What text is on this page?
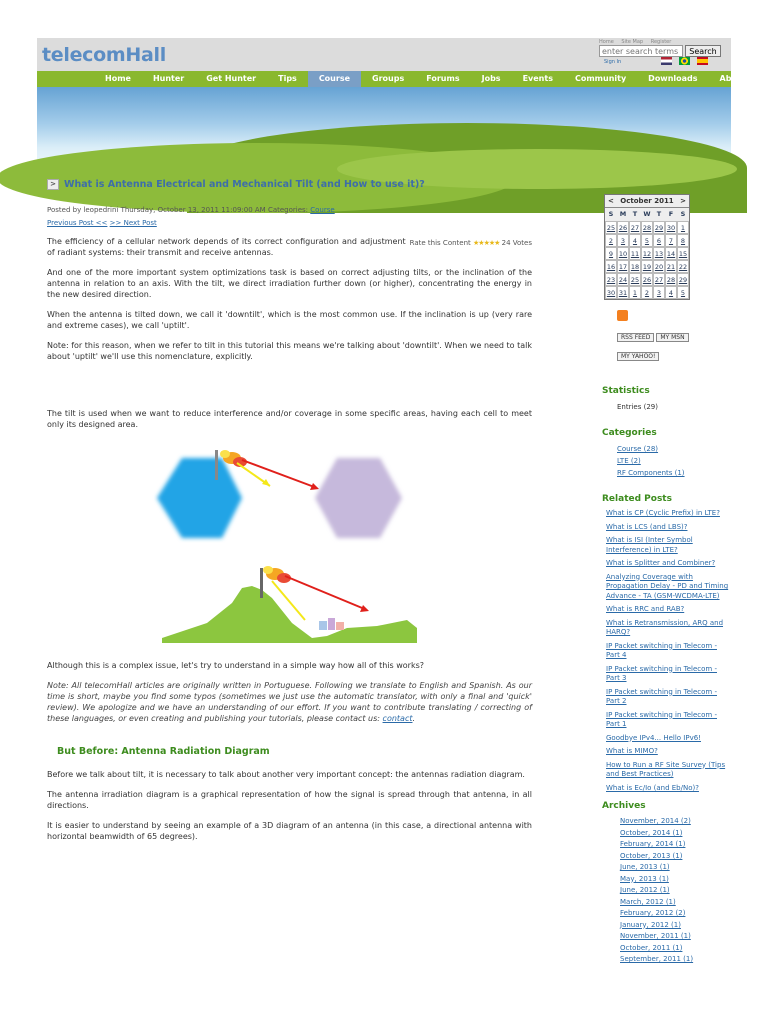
telecomHall
Home Site Map Register
enter search terms
Search
Sign In

Home	Hunter	Get Hunter	Tips	Course	Groups	Forums	Jobs	Events	Community	Downloads	About
> What is Antenna Electrical and Mechanical Tilt (and How to use it)?
Posted by leopedrini Thursday, October 13, 2011 11:09:00 AM Categories: Course
Previous Post << >> Next Post
Rate this Content ★★★★★ 24 Votes
The efficiency of a cellular network depends of its correct configuration and adjustment of radiant systems: their transmit and receive antennas.
And one of the more important system optimizations task is based on correct adjusting tilts, or the inclination of the antenna in relation to an axis. With the tilt, we direct irradiation further down (or higher), concentrating the energy in the new desired direction.
When the antenna is tilted down, we call it 'downtilt', which is the most common use. If the inclination is up (very rare and extreme cases), we call 'uptilt'.
Note: for this reason, when we refer to tilt in this tutorial this means we're talking about 'downtilt'. When we need to talk about 'uptilt' we'll use this nomenclature, explicitly.
The tilt is used when we want to reduce interference and/or coverage in some specific areas, having each cell to meet only its designed area.
Although this is a complex issue, let's try to understand in a simple way how all of this works?
Note: All telecomHall articles are originally written in Portuguese. Following we translate to English and Spanish. As our time is short, maybe you find some typos (sometimes we just use the automatic translator, with only a final and 'quick' review). We apologize and we have an understanding of our effort. If you want to contribute translating / correcting of these languages, or even creating and publishing your tutorials, please contact us: contact.
But Before: Antenna Radiation Diagram
Before we talk about tilt, it is necessary to talk about another very important concept: the antennas radiation diagram.
The antenna irradiation diagram is a graphical representation of how the signal is spread through that antenna, in all directions.
It is easier to understand by seeing an example of a 3D diagram of an antenna (in this case, a directional antenna with horizontal beamwidth of 65 degrees).
< October 2011 >
S M	T W T	F	S
25 26 27 28 29 30 1
2	3	4	5	6	7	8
9 10 11 12 13 14 15
16 17 18 19 20 21 22
23 24 25 26 27 28 29
30 31 1	2	3	4	5
RSS FEED MY MSNMY YAHOO!
Statistics
Entries (29)
Categories
Course (28)
LTE (2)
RF Components (1)
Related Posts
What is CP (Cyclic Prefix) in LTE?
What is LCS (and LBS)?
What is ISI (Inter Symbol Interference) in LTE?
What is Splitter and Combiner?
Analyzing Coverage with Propagation Delay - PD and Timing Advance - TA (GSM-WCDMA-LTE)
What is RRC and RAB?
What is Retransmission, ARQ and HARQ?
IP Packet switching in Telecom - Part 4
IP Packet switching in Telecom - Part 3
IP Packet switching in Telecom - Part 2
IP Packet switching in Telecom - Part 1
Goodbye IPv4... Hello IPv6!
What is MIMO?
How to Run a RF Site Survey (Tips and Best Practices)
What is Ec/Io (and Eb/No)?
Archives
November, 2014 (2)
October, 2014 (1)
February, 2014 (1)
October, 2013 (1)
June, 2013 (1)
May, 2013 (1)
June, 2012 (1)
March, 2012 (1)
February, 2012 (2)
January, 2012 (1)
November, 2011 (1)
October, 2011 (1)
September, 2011 (1)
